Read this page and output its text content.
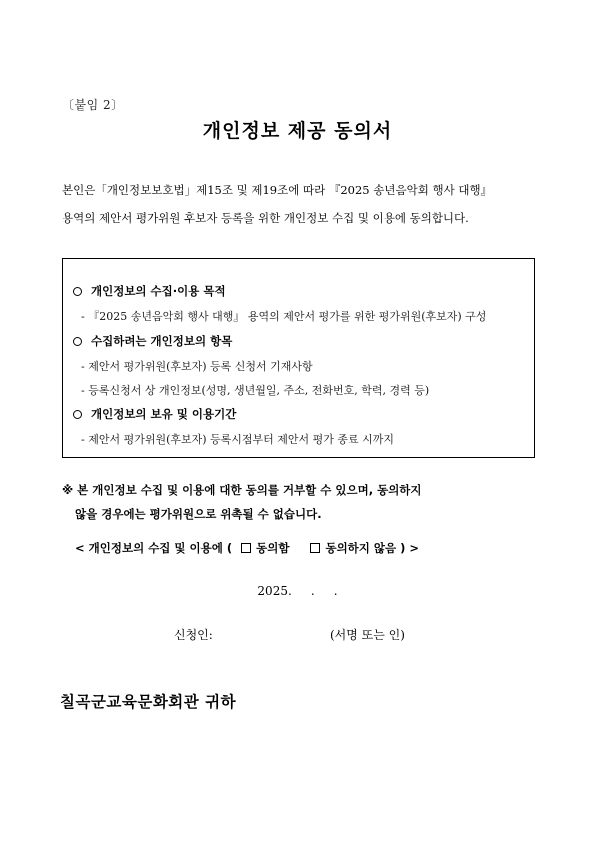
〔붙임 2〕
개인정보 제공 동의서
본인은「개인정보보호법」제15조 및 제19조에 따라 『2025 송년음악회 행사 대행』
용역의 제안서 평가위원 후보자 등록을 위한 개인정보 수집 및 이용에 동의합니다.
개인정보의 수집·이용 목적
- 『2025 송년음악회 행사 대행』 용역의 제안서 평가를 위한 평가위원(후보자) 구성
수집하려는 개인정보의 항목
- 제안서 평가위원(후보자) 등록 신청서 기재사항
- 등록신청서 상 개인정보(성명, 생년월일, 주소, 전화번호, 학력, 경력 등)
개인정보의 보유 및 이용기간
- 제안서 평가위원(후보자) 등록시점부터 제안서 평가 종료 시까지
※ 본 개인정보 수집 및 이용에 대한 동의를 거부할 수 있으며, 동의하지
않을 경우에는 평가위원으로 위촉될 수 없습니다.
< 개인정보의 수집 및 이용에 ( 동의함	동의하지 않음 ) >
2025.     .     .
신청인:	(서명 또는 인)
칠곡군교육문화회관 귀하
